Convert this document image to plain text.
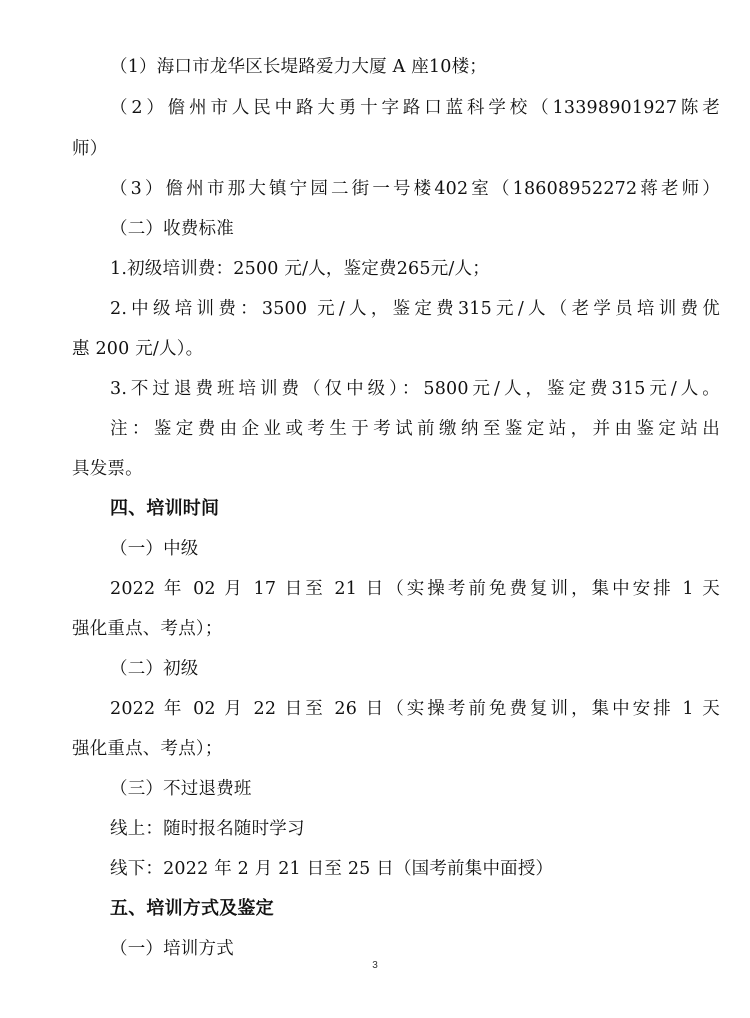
（1）海口市龙华区长堤路爱力大厦 A 座10楼；
（2）儋州市人民中路大勇十字路口蓝科学校（13398901927陈老
师）
（3）儋州市那大镇宁园二街一号楼402室（18608952272蒋老师）
（二）收费标准
1.初级培训费：2500 元/人，鉴定费265元/人；
2.中级培训费：3500 元/人，鉴定费315元/人（老学员培训费优
惠 200 元/人）。
3.不过退费班培训费（仅中级）：5800元/人，鉴定费315元/人。
注：鉴定费由企业或考生于考试前缴纳至鉴定站，并由鉴定站出
具发票。
四、培训时间
（一）中级
2022 年 02 月 17 日至 21 日（实操考前免费复训，集中安排 1 天
强化重点、考点）；
（二）初级
2022 年 02 月 22 日至 26 日（实操考前免费复训，集中安排 1 天
强化重点、考点）；
（三）不过退费班
线上：随时报名随时学习
线下：2022 年 2 月 21 日至 25 日（国考前集中面授）
五、培训方式及鉴定
（一）培训方式
3
